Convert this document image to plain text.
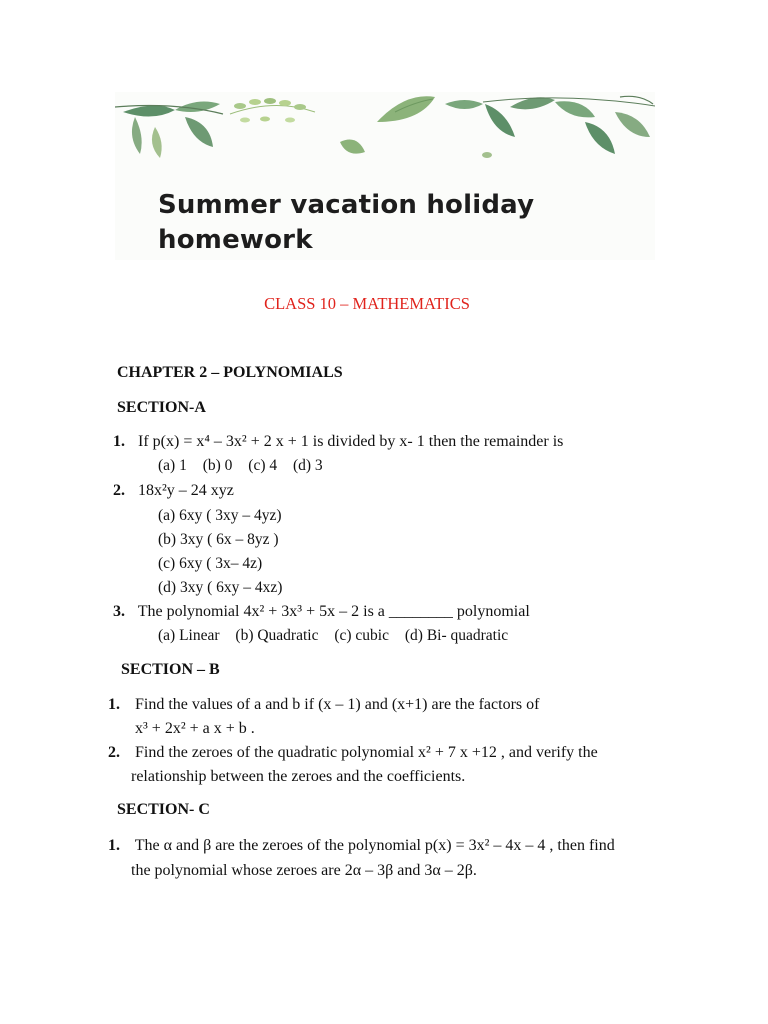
Summer vacation holiday
homework

CLASS 10 – MATHEMATICS

CHAPTER 2 – POLYNOMIALS

SECTION-A

1. If p(x) = x⁴ – 3x² + 2 x + 1 is divided by x- 1 then the remainder is
(a) 1 (b) 0 (c) 4 (d) 3
2. 18x²y – 24 xyz
(a) 6xy ( 3xy – 4yz)
(b) 3xy ( 6x – 8yz )
(c) 6xy ( 3x– 4z)
(d) 3xy ( 6xy – 4xz)
3. The polynomial 4x² + 3x³ + 5x – 2 is a ________ polynomial
(a) Linear (b) Quadratic (c) cubic (d) Bi- quadratic

SECTION – B

1. Find the values of a and b if (x – 1) and (x+1) are the factors of
x³ + 2x² + a x + b .
2. Find the zeroes of the quadratic polynomial x² + 7 x +12 , and verify the
relationship between the zeroes and the coefficients.

SECTION- C

1. The α and β are the zeroes of the polynomial p(x) = 3x² – 4x – 4 , then find
the polynomial whose zeroes are 2α – 3β and 3α – 2β.
